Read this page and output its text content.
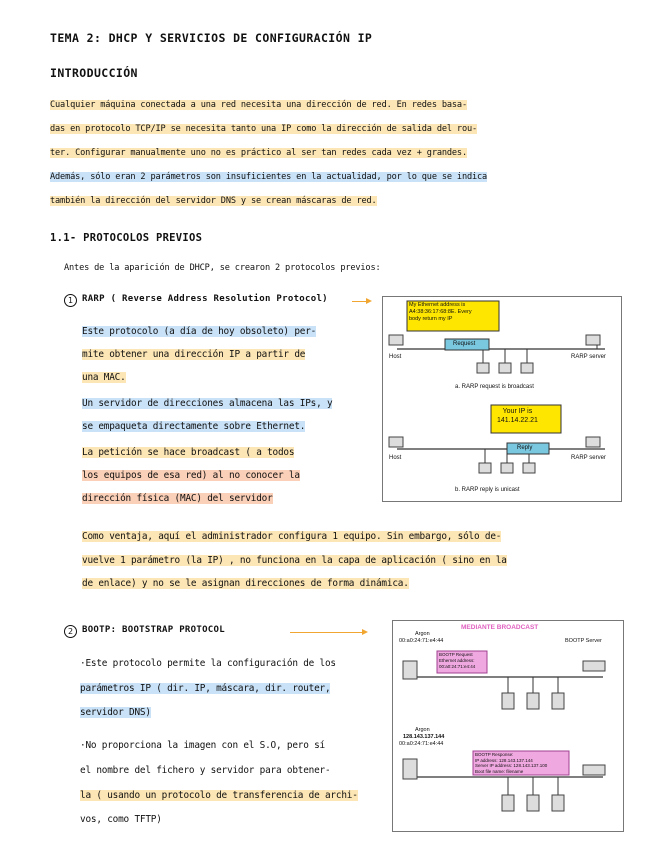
TEMA 2: DHCP Y SERVICIOS DE CONFIGURACIÓN IP
INTRODUCCIÓN
Cualquier máquina conectada a una red necesita una dirección de red. En redes basa-
das en protocolo TCP/IP se necesita tanto una IP como la dirección de salida del rou-
ter. Configurar manualmente uno no es práctico al ser tan redes cada vez + grandes.
Además, sólo eran 2 parámetros son insuficientes en la actualidad, por lo que se indica
también la dirección del servidor DNS y se crean máscaras de red.
1.1- PROTOCOLOS PREVIOS
Antes de la aparición de DHCP, se crearon 2 protocolos previos:
1 RARP ( Reverse Address Resolution Protocol)
Este protocolo (a día de hoy obsoleto) per-
mite obtener una dirección IP a partir de
una MAC.
Un servidor de direcciones almacena las IPs, y
se empaqueta directamente sobre Ethernet.
La petición se hace broadcast ( a todos
los equipos de esa red) al no conocer la
dirección física (MAC) del servidor
My Ethernet address is
A4:38:36:17:68:8E. Every
body return my IP
Request
Host	RARP server
a. RARP request is broadcast
Your IP is
141.14.22.21
Reply
Host	RARP server
b. RARP reply is unicast
Como ventaja, aquí el administrador configura 1 equipo. Sin embargo, sólo de-
vuelve 1 parámetro (la IP) , no funciona en la capa de aplicación ( sino en la
de enlace) y no se le asignan direcciones de forma dinámica.
2 BOOTP: BOOTSTRAP PROTOCOL
·Este protocolo permite la configuración de los
parámetros IP ( dir. IP, máscara, dir. router,
servidor DNS)
·No proporciona la imagen con el S.O, pero sí
el nombre del fichero y servidor para obtener-
la ( usando un protocolo de transferencia de archi-
vos, como TFTP)
MEDIANTE BROADCAST
Argon
00:a0:24:71:e4:44	BOOTP Server
BOOTP Request
Ethernet address:
00:a0:24:71:e4:44
Argon
128.143.137.144
00:a0:24:71:e4:44
BOOTP Response:
IP address: 128.143.137.144
Server IP address: 128.143.137.100
Boot file name: filename
